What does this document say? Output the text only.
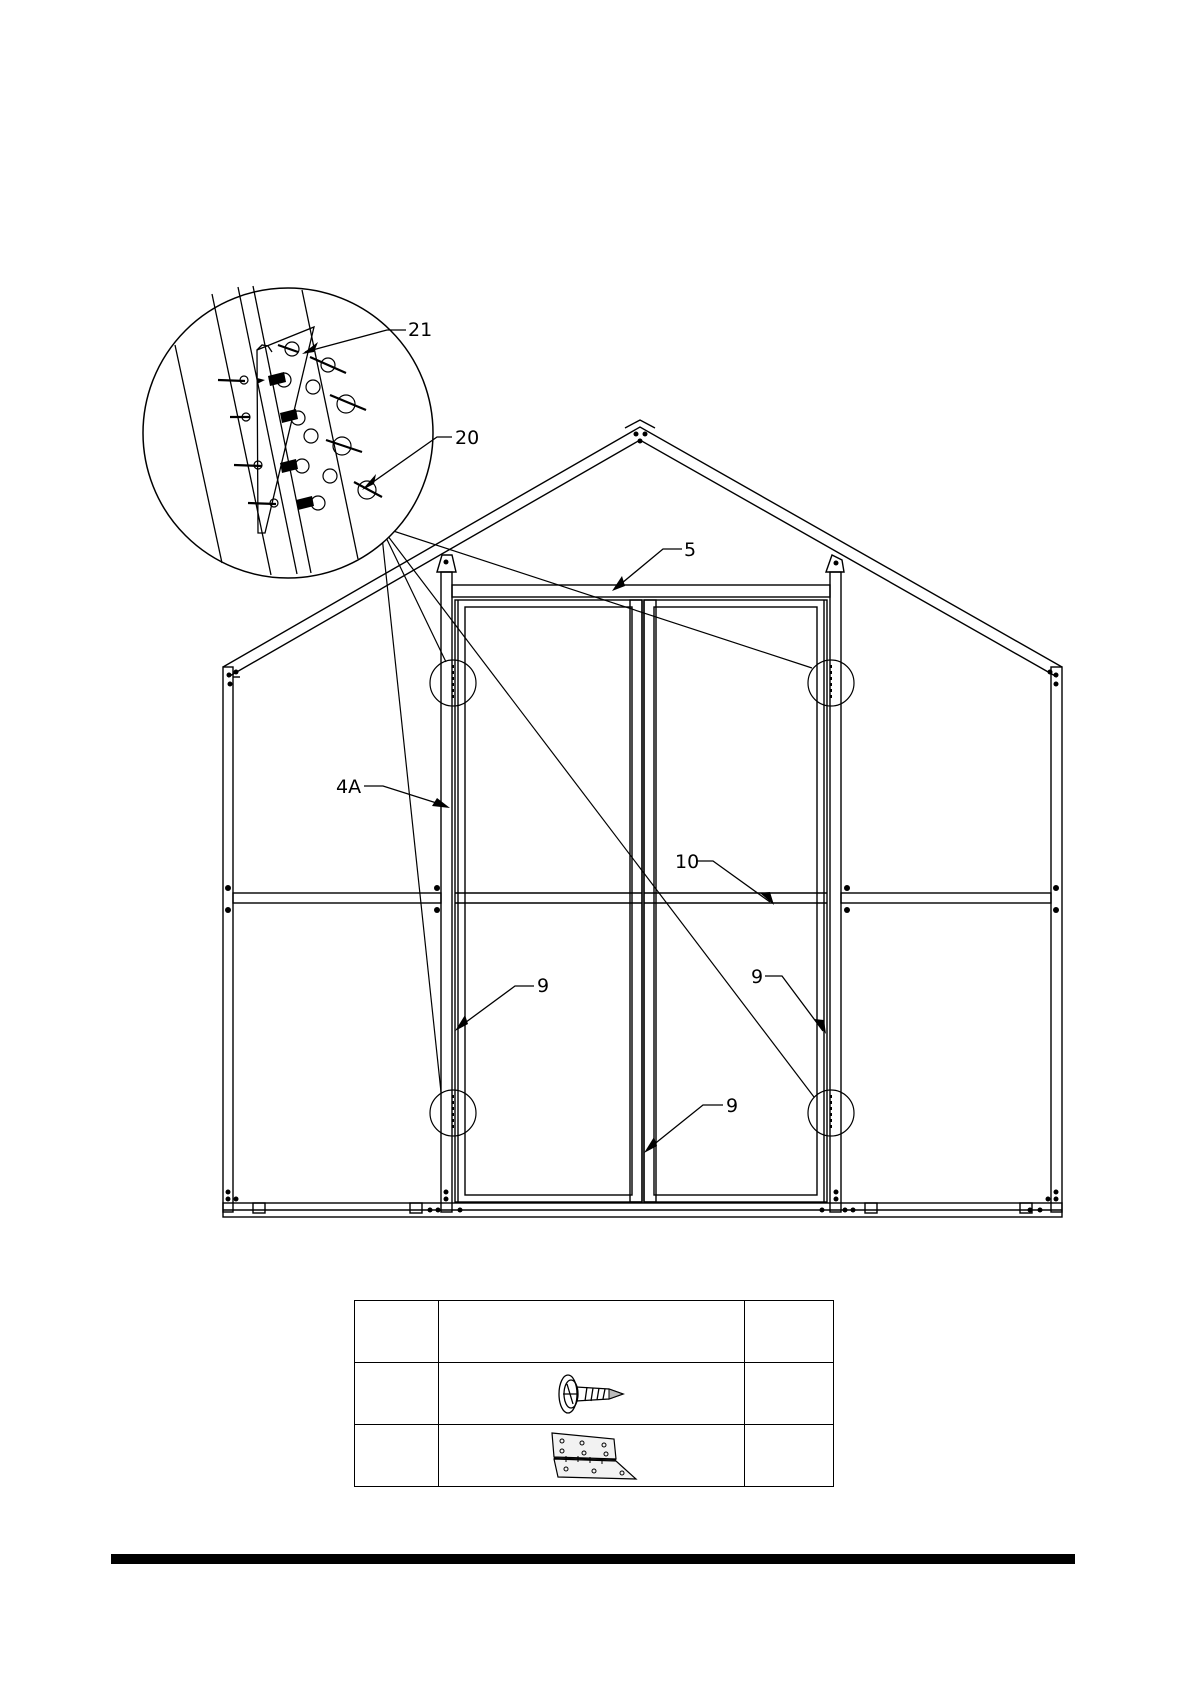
21
20
5
4A
10
9	9
9
